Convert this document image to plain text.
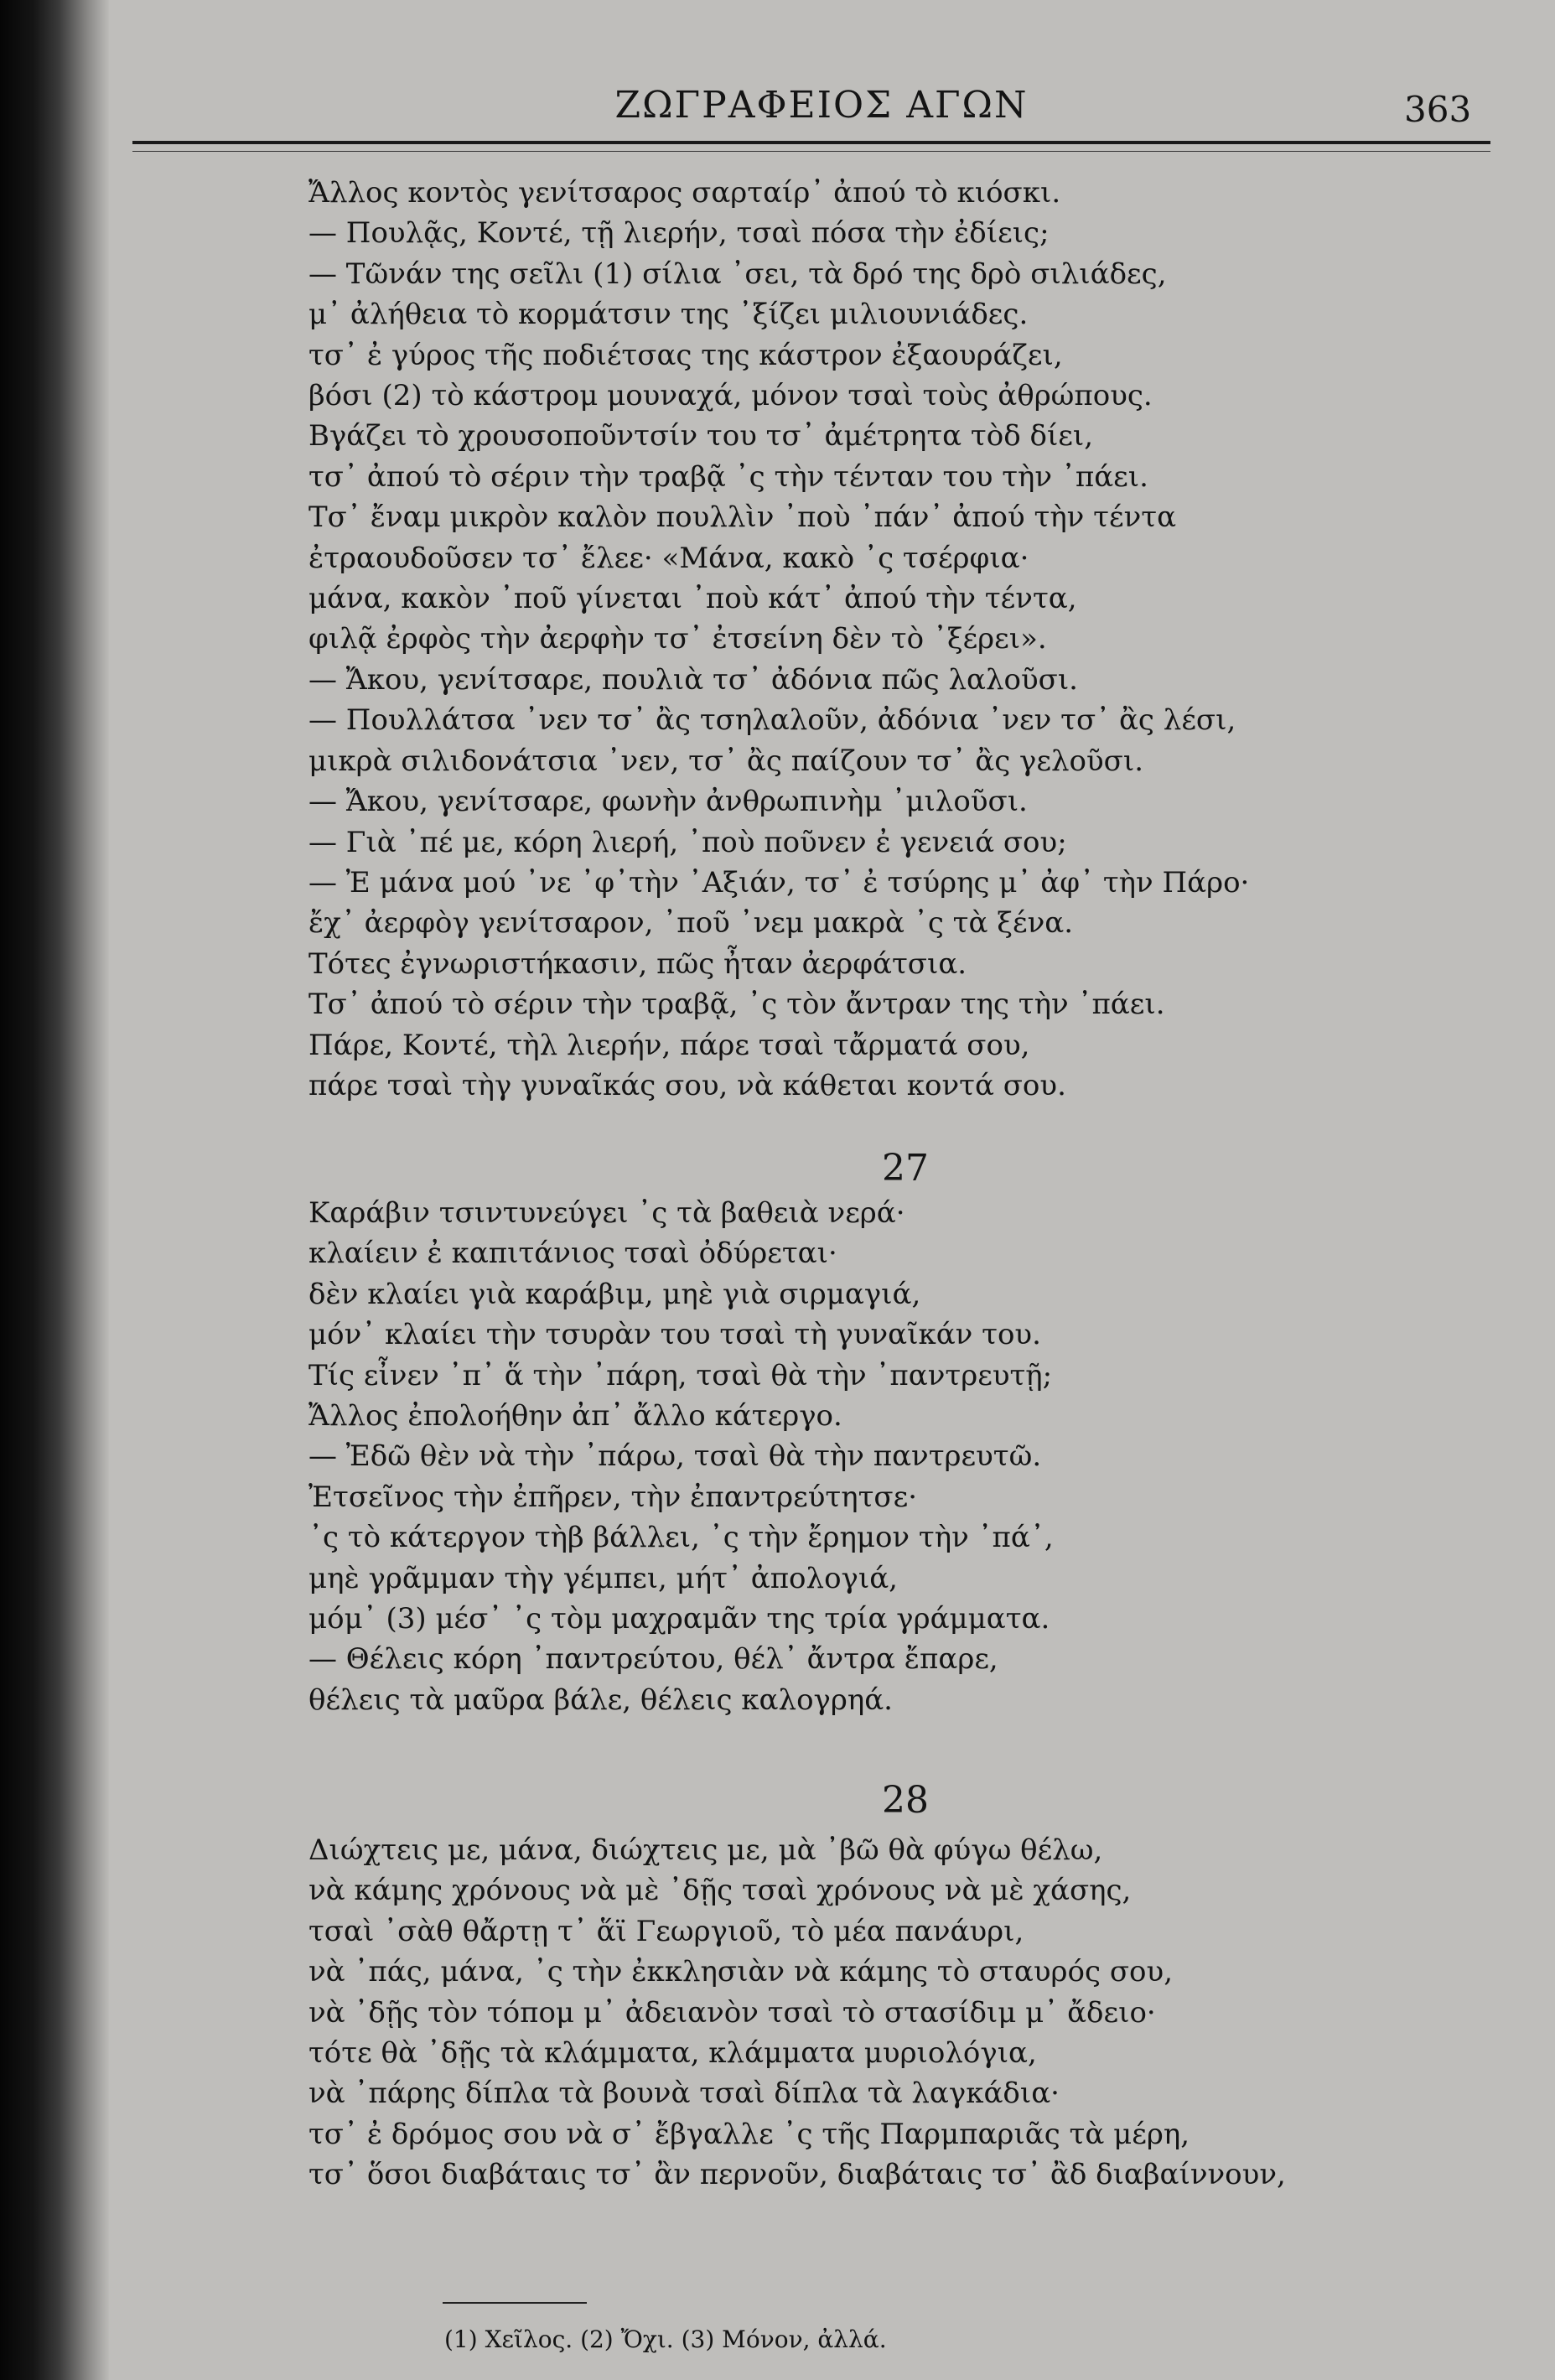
ΖΩΓΡΑΦΕΙΟΣ ΑΓΩΝ	363
Ἄλλος κοντὸς γενίτσαρος σαρταίρ᾽ ἀπού τὸ κιόσκι.
— Πουλᾷς, Κοντέ, τῇ λιερήν, τσαὶ πόσα τὴν ἐδίεις;
— Τῶνάν της σεῖλι (1) σίλια ᾽σει, τὰ δρό της δρὸ σιλιάδες,
μ᾽ ἀλήθεια τὸ κορμάτσιν της ᾽ξίζει μιλιουνιάδες.
τσ᾽ ἐ γύρος τῆς ποδιέτσας της κάστρον ἐξαουράζει,
βόσι (2) τὸ κάστρομ μουναχά, μόνον τσαὶ τοὺς ἀθρώπους.
Βγάζει τὸ χρουσοποῦντσίν του τσ᾽ ἀμέτρητα τὸδ δίει,
τσ᾽ ἀπού τὸ σέριν τὴν τραβᾷ ᾽ς τὴν τένταν του τὴν ᾽πάει.
Τσ᾽ ἔναμ μικρὸν καλὸν πουλλὶν ᾽ποὺ ᾽πάν᾽ ἀπού τὴν τέντα
ἐτραουδοῦσεν τσ᾽ ἔλεε· «Μάνα, κακὸ ᾽ς τσέρφια·
μάνα, κακὸν ᾽ποῦ γίνεται ᾽ποὺ κάτ᾽ ἀπού τὴν τέντα,
φιλᾷ ἐρφὸς τὴν ἀερφὴν τσ᾽ ἐτσείνη δὲν τὸ ᾽ξέρει».
— Ἄκου, γενίτσαρε, πουλιὰ τσ᾽ ἀδόνια πῶς λαλοῦσι.
— Πουλλάτσα ᾽νεν τσ᾽ ἂς τσηλαλοῦν, ἀδόνια ᾽νεν τσ᾽ ἂς λέσι,
μικρὰ σιλιδονάτσια ᾽νεν, τσ᾽ ἂς παίζουν τσ᾽ ἂς γελοῦσι.
— Ἄκου, γενίτσαρε, φωνὴν ἀνθρωπινὴμ ᾽μιλοῦσι.
— Γιὰ ᾽πέ με, κόρη λιερή, ᾽ποὺ ποῦνεν ἐ γενειά σου;
— Ἐ μάνα μού ᾽νε ᾽φ᾽τὴν ᾽Αξιάν, τσ᾽ ἐ τσύρης μ᾽ ἀφ᾽ τὴν Πάρο·
ἔχ᾽ ἀερφὸγ γενίτσαρον, ᾽ποῦ ᾽νεμ μακρὰ ᾽ς τὰ ξένα.
Τότες ἐγνωριστήκασιν, πῶς ἦταν ἀερφάτσια.
Τσ᾽ ἀπού τὸ σέριν τὴν τραβᾷ, ᾽ς τὸν ἄντραν της τὴν ᾽πάει.
Πάρε, Κοντέ, τὴλ λιερήν, πάρε τσαὶ τἄρματά σου,
πάρε τσαὶ τὴγ γυναῖκάς σου, νὰ κάθεται κοντά σου.
27
Καράβιν τσιντυνεύγει ᾽ς τὰ βαθειὰ νερά·
κλαίειν ἐ καπιτάνιος τσαὶ ὀδύρεται·
δὲν κλαίει γιὰ καράβιμ, μηὲ γιὰ σιρμαγιά,
μόν᾽ κλαίει τὴν τσυρὰν του τσαὶ τὴ γυναῖκάν του.
Τίς εἶνεν ᾽π᾽ ἅ τὴν ᾽πάρη, τσαὶ θὰ τὴν ᾽παντρευτῇ;
Ἄλλος ἐπολοήθην ἀπ᾽ ἄλλο κάτεργο.
— Ἐδῶ θὲν νὰ τὴν ᾽πάρω, τσαὶ θὰ τὴν παντρευτῶ.
Ἐτσεῖνος τὴν ἐπῆρεν, τὴν ἐπαντρεύτητσε·
᾽ς τὸ κάτεργον τὴβ βάλλει, ᾽ς τὴν ἔρημον τὴν ᾽πά᾽,
μηὲ γρᾶμμαν τὴγ γέμπει, μήτ᾽ ἀπολογιά,
μόμ᾽ (3) μέσ᾽ ᾽ς τὸμ μαχραμᾶν της τρία γράμματα.
— Θέλεις κόρη ᾽παντρεύτου, θέλ᾽ ἄντρα ἔπαρε,
θέλεις τὰ μαῦρα βάλε, θέλεις καλογρηά.
28
Διώχτεις με, μάνα, διώχτεις με, μὰ ᾽βῶ θὰ φύγω θέλω,
νὰ κάμης χρόνους νὰ μὲ ᾽δῇς τσαὶ χρόνους νὰ μὲ χάσης,
τσαὶ ᾽σὰθ θἄρτῃ τ᾽ ἅϊ Γεωργιοῦ, τὸ μέα πανάυρι,
νὰ ᾽πάς, μάνα, ᾽ς τὴν ἐκκλησιὰν νὰ κάμης τὸ σταυρός σου,
νὰ ᾽δῇς τὸν τόπομ μ᾽ ἀδειανὸν τσαὶ τὸ στασίδιμ μ᾽ ἄδειο·
τότε θὰ ᾽δῇς τὰ κλάμματα, κλάμματα μυριολόγια,
νὰ ᾽πάρης δίπλα τὰ βουνὰ τσαὶ δίπλα τὰ λαγκάδια·
τσ᾽ ἐ δρόμος σου νὰ σ᾽ ἔβγαλλε ᾽ς τῆς Παρμπαριᾶς τὰ μέρη,
τσ᾽ ὅσοι διαβάταις τσ᾽ ἂν περνοῦν, διαβάταις τσ᾽ ἂδ διαβαίννουν,
(1) Χεῖλος. (2) Ὄχι. (3) Μόνον, ἀλλά.
